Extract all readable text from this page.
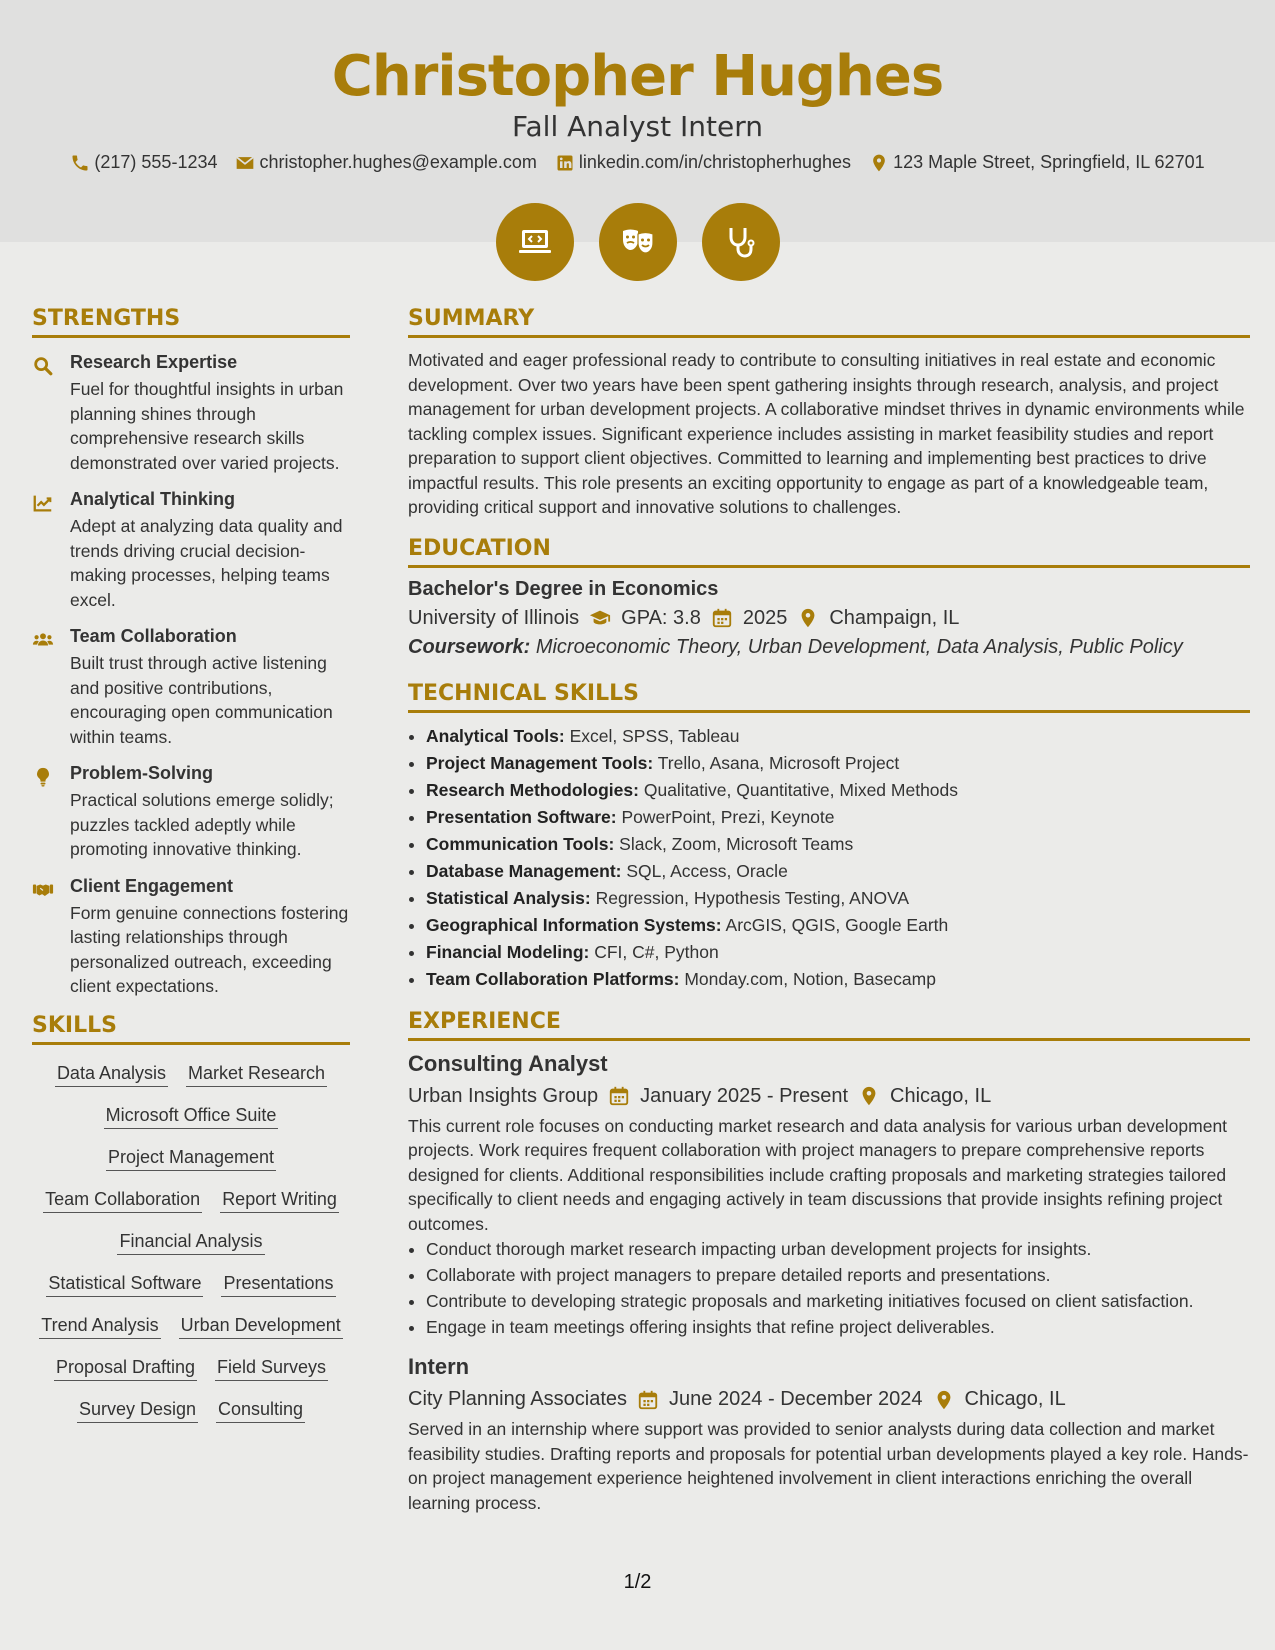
Christopher Hughes
Fall Analyst Intern
(217) 555-1234 christopher.hughes@example.com linkedin.com/in/christopherhughes 123 Maple Street, Springfield, IL 62701
STRENGTHS
Research Expertise
Fuel for thoughtful insights in urban planning shines through comprehensive research skills demonstrated over varied projects.
Analytical Thinking
Adept at analyzing data quality and trends driving crucial decision-making processes, helping teams excel.
Team Collaboration
Built trust through active listening and positive contributions, encouraging open communication within teams.
Problem-Solving
Practical solutions emerge solidly; puzzles tackled adeptly while promoting innovative thinking.
Client Engagement
Form genuine connections fostering lasting relationships through personalized outreach, exceeding client expectations.
SKILLS
Data Analysis Market Research
Microsoft Office Suite
Project Management
Team Collaboration Report Writing
Financial Analysis
Statistical Software Presentations
Trend Analysis Urban Development
Proposal Drafting Field Surveys
Survey Design Consulting
SUMMARY
Motivated and eager professional ready to contribute to consulting initiatives in real estate and economic development. Over two years have been spent gathering insights through research, analysis, and project management for urban development projects. A collaborative mindset thrives in dynamic environments while tackling complex issues. Significant experience includes assisting in market feasibility studies and report preparation to support client objectives. Committed to learning and implementing best practices to drive impactful results. This role presents an exciting opportunity to engage as part of a knowledgeable team, providing critical support and innovative solutions to challenges.
EDUCATION
Bachelor's Degree in Economics
University of Illinois GPA: 3.8 2025 Champaign, IL
Coursework: Microeconomic Theory, Urban Development, Data Analysis, Public Policy
TECHNICAL SKILLS
• Analytical Tools: Excel, SPSS, Tableau
• Project Management Tools: Trello, Asana, Microsoft Project
• Research Methodologies: Qualitative, Quantitative, Mixed Methods
• Presentation Software: PowerPoint, Prezi, Keynote
• Communication Tools: Slack, Zoom, Microsoft Teams
• Database Management: SQL, Access, Oracle
• Statistical Analysis: Regression, Hypothesis Testing, ANOVA
• Geographical Information Systems: ArcGIS, QGIS, Google Earth
• Financial Modeling: CFI, C#, Python
• Team Collaboration Platforms: Monday.com, Notion, Basecamp
EXPERIENCE
Consulting Analyst
Urban Insights Group January 2025 - Present Chicago, IL
This current role focuses on conducting market research and data analysis for various urban development projects. Work requires frequent collaboration with project managers to prepare comprehensive reports designed for clients. Additional responsibilities include crafting proposals and marketing strategies tailored specifically to client needs and engaging actively in team discussions that provide insights refining project outcomes.
• Conduct thorough market research impacting urban development projects for insights.
• Collaborate with project managers to prepare detailed reports and presentations.
• Contribute to developing strategic proposals and marketing initiatives focused on client satisfaction.
• Engage in team meetings offering insights that refine project deliverables.
Intern
City Planning Associates June 2024 - December 2024 Chicago, IL
Served in an internship where support was provided to senior analysts during data collection and market feasibility studies. Drafting reports and proposals for potential urban developments played a key role. Hands-on project management experience heightened involvement in client interactions enriching the overall learning process.
1/2
